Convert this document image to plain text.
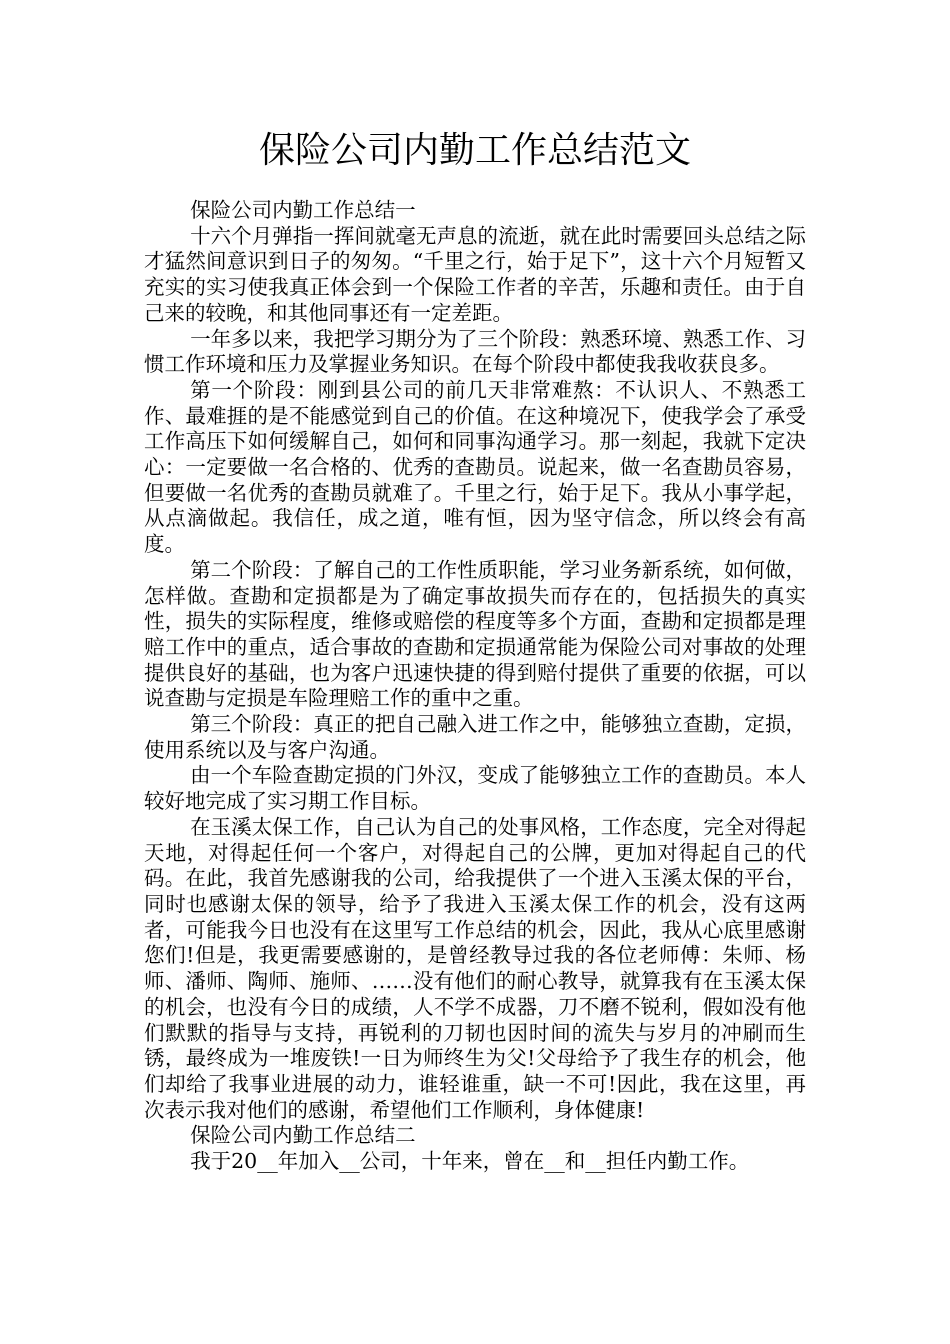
保险公司内勤工作总结范文

保险公司内勤工作总结一

十六个月弹指一挥间就毫无声息的流逝，就在此时需要回头总结之际才猛然间意识到日子的匆匆。“千里之行，始于足下”，这十六个月短暂又充实的实习使我真正体会到一个保险工作者的辛苦，乐趣和责任。由于自己来的较晚，和其他同事还有一定差距。

一年多以来，我把学习期分为了三个阶段：熟悉环境、熟悉工作、习惯工作环境和压力及掌握业务知识。在每个阶段中都使我我收获良多。

第一个阶段：刚到县公司的前几天非常难熬：不认识人、不熟悉工作、最难捱的是不能感觉到自己的价值。在这种境况下，使我学会了承受工作高压下如何缓解自己，如何和同事沟通学习。那一刻起，我就下定决心：一定要做一名合格的、优秀的查勘员。说起来，做一名查勘员容易，但要做一名优秀的查勘员就难了。千里之行，始于足下。我从小事学起，从点滴做起。我信任，成之道，唯有恒，因为坚守信念，所以终会有高度。

第二个阶段：了解自己的工作性质职能，学习业务新系统，如何做，怎样做。查勘和定损都是为了确定事故损失而存在的，包括损失的真实性，损失的实际程度，维修或赔偿的程度等多个方面，查勘和定损都是理赔工作中的重点，适合事故的查勘和定损通常能为保险公司对事故的处理提供良好的基础，也为客户迅速快捷的得到赔付提供了重要的依据，可以说查勘与定损是车险理赔工作的重中之重。

第三个阶段：真正的把自己融入进工作之中，能够独立查勘，定损，使用系统以及与客户沟通。

由一个车险查勘定损的门外汉，变成了能够独立工作的查勘员。本人较好地完成了实习期工作目标。

在玉溪太保工作，自己认为自己的处事风格，工作态度，完全对得起天地，对得起任何一个客户，对得起自己的公牌，更加对得起自己的代码。在此，我首先感谢我的公司，给我提供了一个进入玉溪太保的平台，同时也感谢太保的领导，给予了我进入玉溪太保工作的机会，没有这两者，可能我今日也没有在这里写工作总结的机会，因此，我从心底里感谢您们!但是，我更需要感谢的，是曾经教导过我的各位老师傅：朱师、杨师、潘师、陶师、施师、……没有他们的耐心教导，就算我有在玉溪太保的机会，也没有今日的成绩，人不学不成器，刀不磨不锐利，假如没有他们默默的指导与支持，再锐利的刀韧也因时间的流失与岁月的冲刷而生锈，最终成为一堆废铁!一日为师终生为父!父母给予了我生存的机会，他们却给了我事业进展的动力，谁轻谁重，缺一不可!因此，我在这里，再次表示我对他们的感谢，希望他们工作顺利，身体健康!

保险公司内勤工作总结二

我于20__年加入__公司，十年来，曾在__和__担任内勤工作。
